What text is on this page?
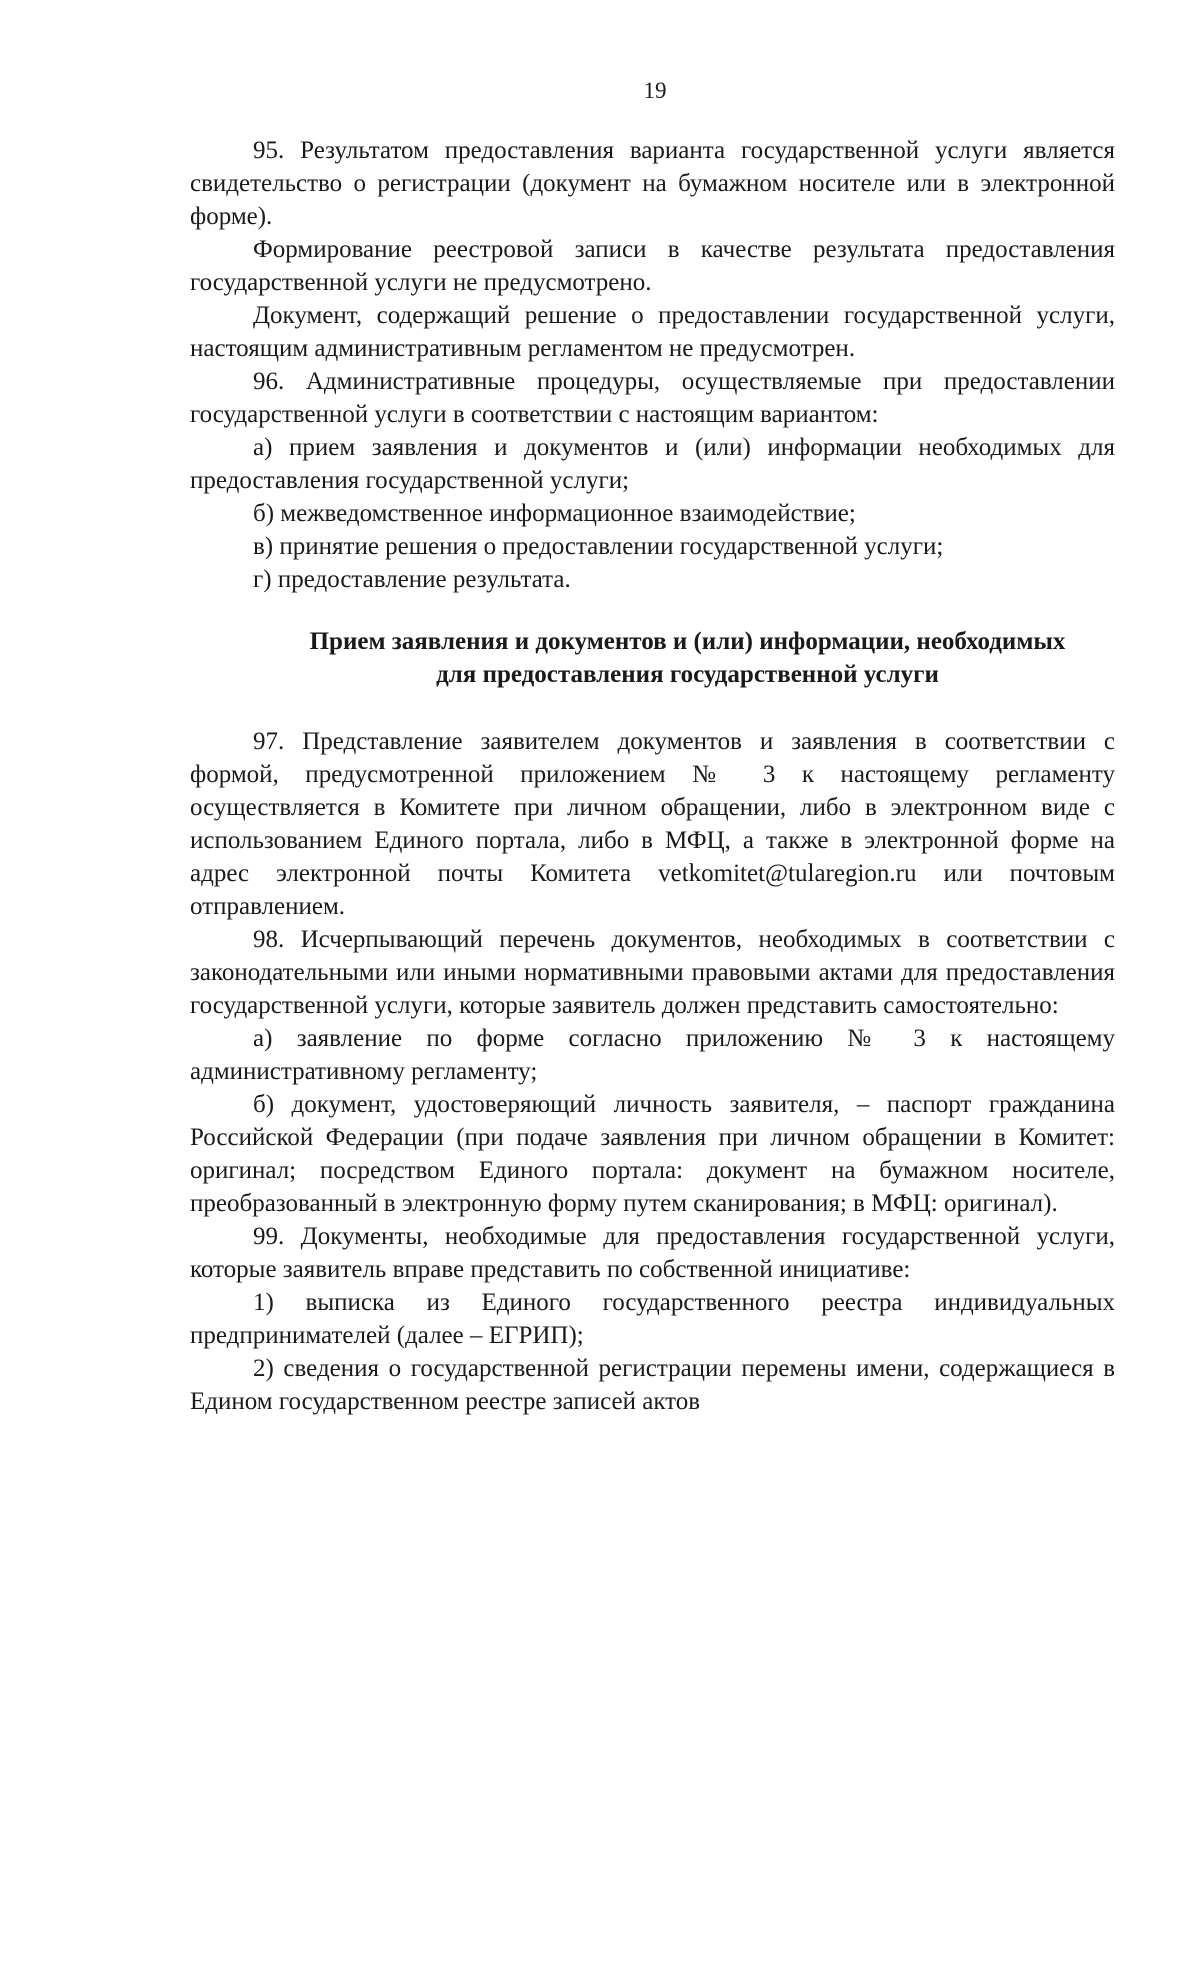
19

95. Результатом предоставления варианта государственной услуги является свидетельство о регистрации (документ на бумажном носителе или в электронной форме).

Формирование реестровой записи в качестве результата предоставления государственной услуги не предусмотрено.

Документ, содержащий решение о предоставлении государственной услуги, настоящим административным регламентом не предусмотрен.

96. Административные процедуры, осуществляемые при предоставлении государственной услуги в соответствии с настоящим вариантом:

а) прием заявления и документов и (или) информации необходимых для предоставления государственной услуги;

б) межведомственное информационное взаимодействие;

в) принятие решения о предоставлении государственной услуги;

г) предоставление результата.

Прием заявления и документов и (или) информации, необходимых
для предоставления государственной услуги

97. Представление заявителем документов и заявления в соответствии с формой, предусмотренной приложением № 3 к настоящему регламенту осуществляется в Комитете при личном обращении, либо в электронном виде с использованием Единого портала, либо в МФЦ, а также в электронной форме на адрес электронной почты Комитета vetkomitet@tularegion.ru или почтовым отправлением.

98. Исчерпывающий перечень документов, необходимых в соответствии с законодательными или иными нормативными правовыми актами для предоставления государственной услуги, которые заявитель должен представить самостоятельно:

а) заявление по форме согласно приложению № 3 к настоящему административному регламенту;

б) документ, удостоверяющий личность заявителя, – паспорт гражданина Российской Федерации (при подаче заявления при личном обращении в Комитет: оригинал; посредством Единого портала: документ на бумажном носителе, преобразованный в электронную форму путем сканирования; в МФЦ: оригинал).

99. Документы, необходимые для предоставления государственной услуги, которые заявитель вправе представить по собственной инициативе:

1) выписка из Единого государственного реестра индивидуальных предпринимателей (далее – ЕГРИП);

2) сведения о государственной регистрации перемены имени, содержащиеся в Едином государственном реестре записей актов
